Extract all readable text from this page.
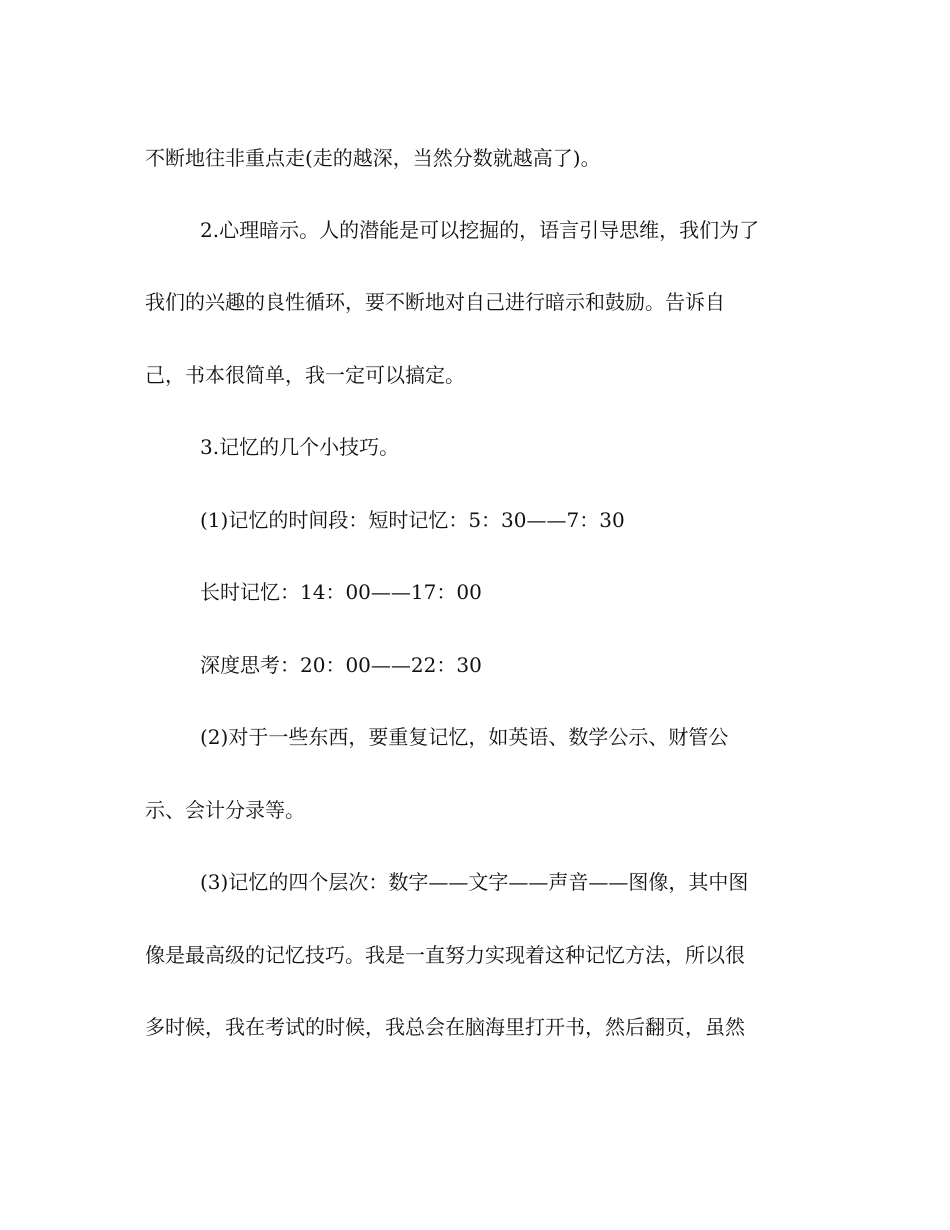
不断地往非重点走(走的越深，当然分数就越高了)。
2.心理暗示。人的潜能是可以挖掘的，语言引导思维，我们为了
我们的兴趣的良性循环，要不断地对自己进行暗示和鼓励。告诉自
己，书本很简单，我一定可以搞定。
3.记忆的几个小技巧。
(1)记忆的时间段：短时记忆：5：30——7：30
长时记忆：14：00——17：00
深度思考：20：00——22：30
(2)对于一些东西，要重复记忆，如英语、数学公示、财管公
示、会计分录等。
(3)记忆的四个层次：数字——文字——声音——图像，其中图
像是最高级的记忆技巧。我是一直努力实现着这种记忆方法，所以很
多时候，我在考试的时候，我总会在脑海里打开书，然后翻页，虽然
